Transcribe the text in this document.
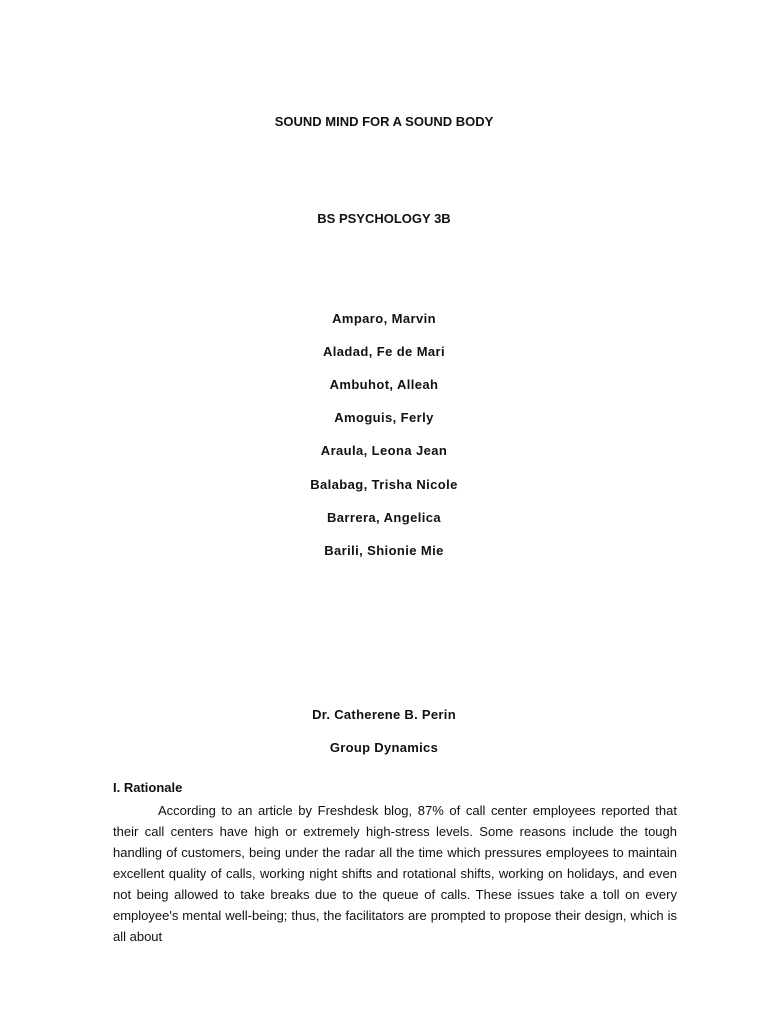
SOUND MIND FOR A SOUND BODY
BS PSYCHOLOGY 3B
Amparo, Marvin
Aladad, Fe de Mari
Ambuhot, Alleah
Amoguis, Ferly
Araula, Leona Jean
Balabag, Trisha Nicole
Barrera, Angelica
Barili, Shionie Mie
Dr. Catherene B. Perin
Group Dynamics
I. Rationale

According to an article by Freshdesk blog, 87% of call center employees reported that their call centers have high or extremely high-stress levels. Some reasons include the tough handling of customers, being under the radar all the time which pressures employees to maintain excellent quality of calls, working night shifts and rotational shifts, working on holidays, and even not being allowed to take breaks due to the queue of calls. These issues take a toll on every employee's mental well-being; thus, the facilitators are prompted to propose their design, which is all about
